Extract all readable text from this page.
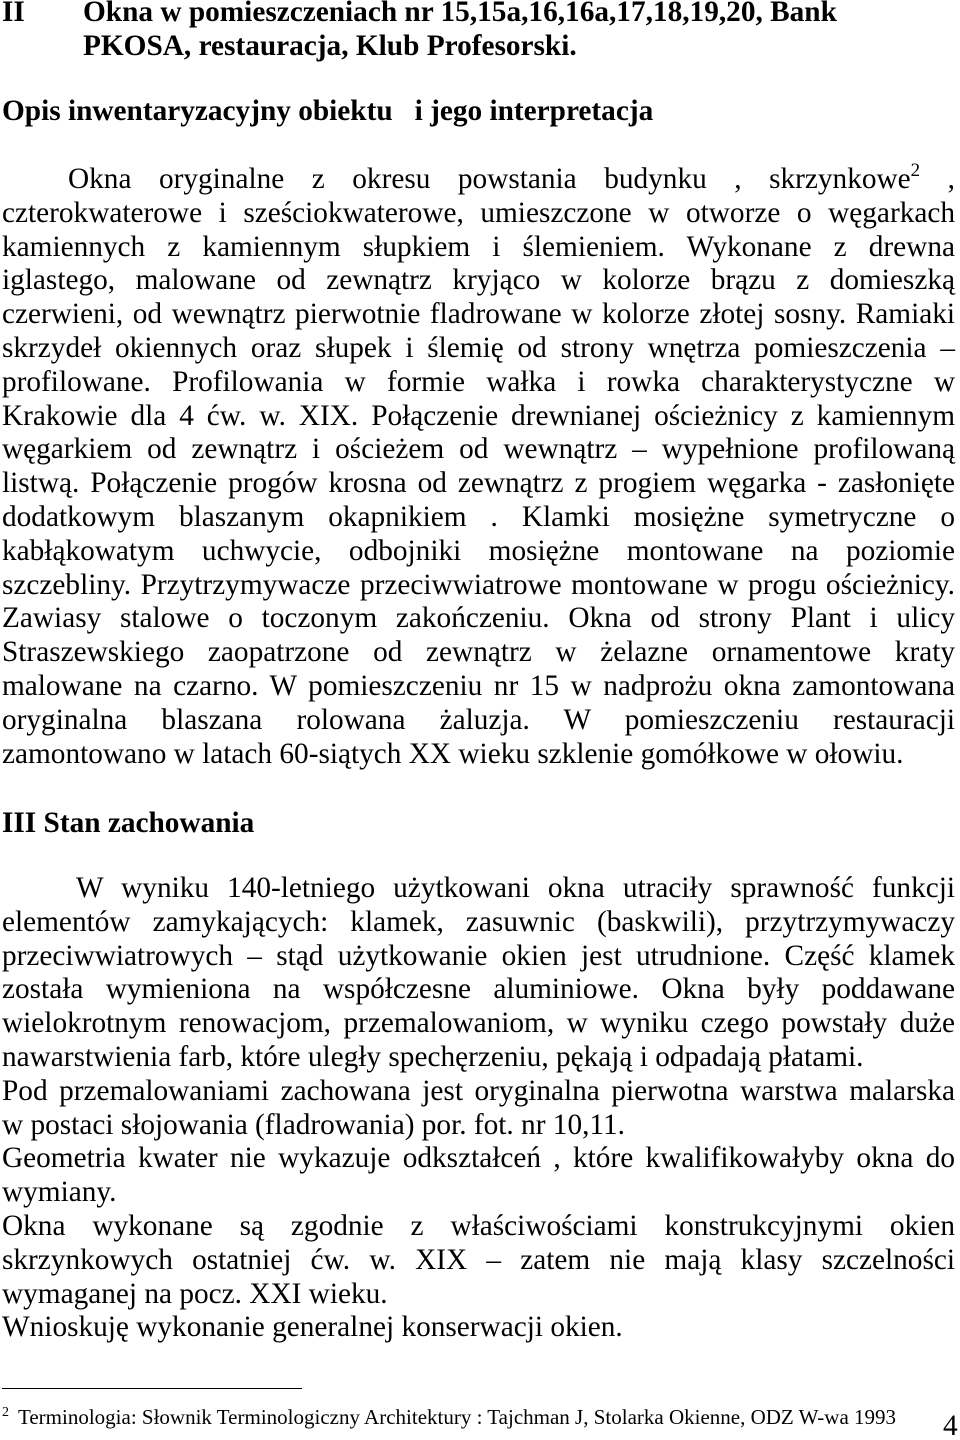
II Okna w pomieszczeniach nr 15,15a,16,16a,17,18,19,20, Bank
PKOSA, restauracja, Klub Profesorski.
Opis inwentaryzacyjny obiektu   i jego interpretacja
Okna oryginalne z okresu powstania budynku , skrzynkowe$^2$ ,
czterokwaterowe i sześciokwaterowe, umieszczone w otworze o węgarkach
kamiennych z kamiennym słupkiem i ślemieniem. Wykonane z drewna
iglastego, malowane od zewnątrz kryjąco w kolorze brązu z domieszką
czerwieni, od wewnątrz pierwotnie fladrowane w kolorze złotej sosny. Ramiaki
skrzydeł okiennych oraz słupek i ślemię od strony wnętrza pomieszczenia –
profilowane. Profilowania w formie wałka i rowka charakterystyczne w
Krakowie dla 4 ćw. w. XIX. Połączenie drewnianej ościeżnicy z kamiennym
węgarkiem od zewnątrz i ościeżem od wewnątrz – wypełnione profilowaną
listwą. Połączenie progów krosna od zewnątrz z progiem węgarka - zasłonięte
dodatkowym blaszanym okapnikiem . Klamki mosiężne symetryczne o
kabłąkowatym uchwycie, odbojniki mosiężne montowane na poziomie
szczebliny. Przytrzymywacze przeciwwiatrowe montowane w progu ościeżnicy.
Zawiasy stalowe o toczonym zakończeniu. Okna od strony Plant i ulicy
Straszewskiego zaopatrzone od zewnątrz w żelazne ornamentowe kraty
malowane na czarno. W pomieszczeniu nr 15 w nadprożu okna zamontowana
oryginalna blaszana rolowana żaluzja. W pomieszczeniu restauracji
zamontowano w latach 60-siątych XX wieku szklenie gomółkowe w ołowiu.
III Stan zachowania
W wyniku 140-letniego użytkowani okna utraciły sprawność funkcji
elementów zamykających: klamek, zasuwnic (baskwili), przytrzymywaczy
przeciwwiatrowych – stąd użytkowanie okien jest utrudnione. Część klamek
została wymieniona na współczesne aluminiowe. Okna były poddawane
wielokrotnym renowacjom, przemalowaniom, w wyniku czego powstały duże
nawarstwienia farb, które uległy spechęrzeniu, pękają i odpadają płatami.
Pod przemalowaniami zachowana jest oryginalna pierwotna warstwa malarska
w postaci słojowania (fladrowania) por. fot. nr 10,11.
Geometria kwater nie wykazuje odkształceń , które kwalifikowałyby okna do
wymiany.
Okna wykonane są zgodnie z właściwościami konstrukcyjnymi okien
skrzynkowych ostatniej ćw. w. XIX – zatem nie mają klasy szczelności
wymaganej na pocz. XXI wieku.
Wnioskuję wykonanie generalnej konserwacji okien.
$^2$ Terminologia: Słownik Terminologiczny Architektury : Tajchman J, Stolarka Okienne, ODZ W-wa 1993 4
